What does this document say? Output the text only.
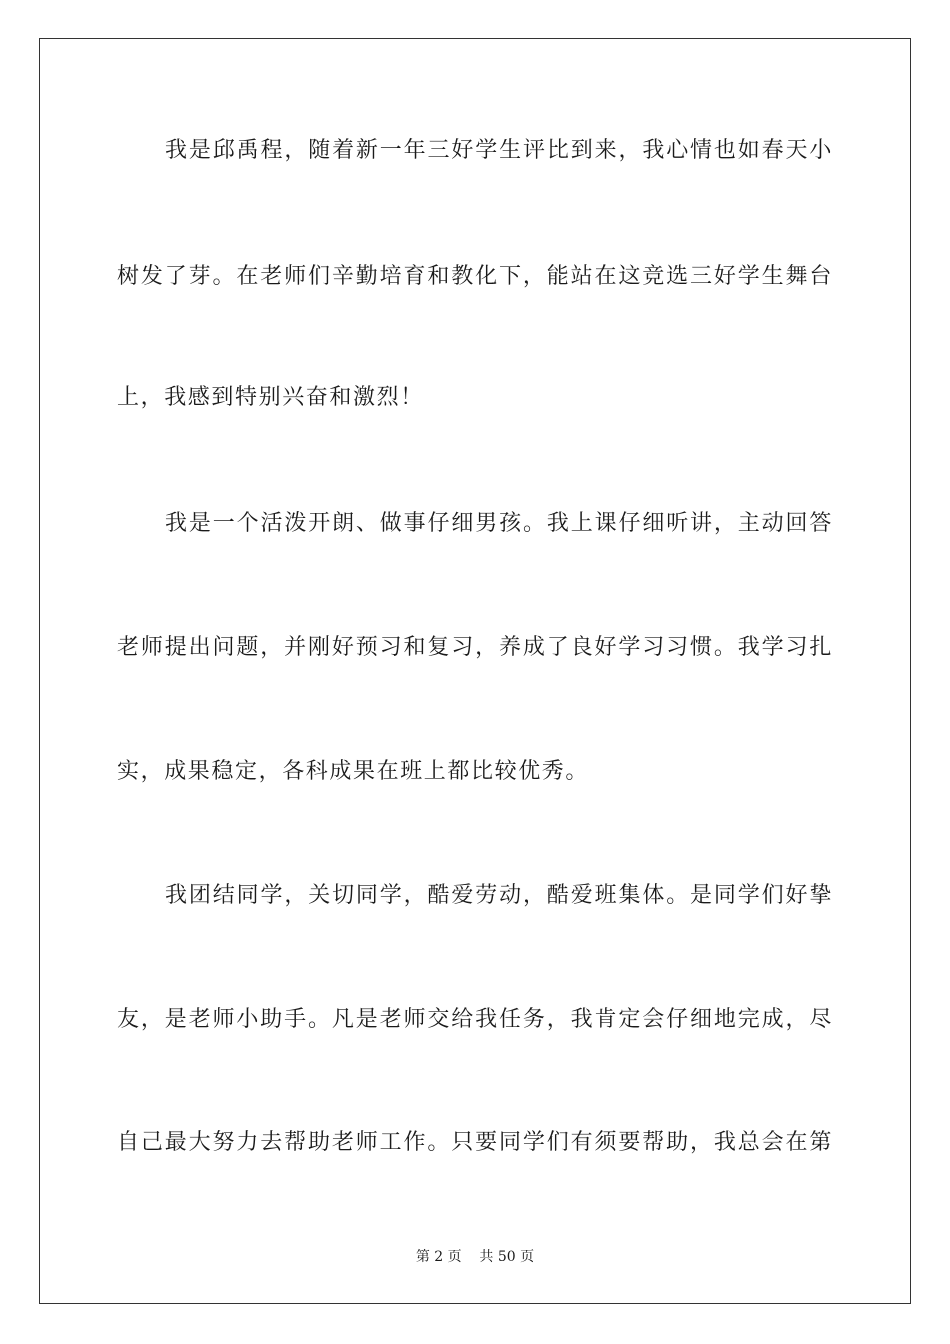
我是邱禹程，随着新一年三好学生评比到来，我心情也如春天小
树发了芽。在老师们辛勤培育和教化下，能站在这竞选三好学生舞台
上，我感到特别兴奋和激烈！
我是一个活泼开朗、做事仔细男孩。我上课仔细听讲，主动回答
老师提出问题，并刚好预习和复习，养成了良好学习习惯。我学习扎
实，成果稳定，各科成果在班上都比较优秀。
我团结同学，关切同学，酷爱劳动，酷爱班集体。是同学们好挚
友，是老师小助手。凡是老师交给我任务，我肯定会仔细地完成，尽
自己最大努力去帮助老师工作。只要同学们有须要帮助，我总会在第
第 2 页    共 50 页
